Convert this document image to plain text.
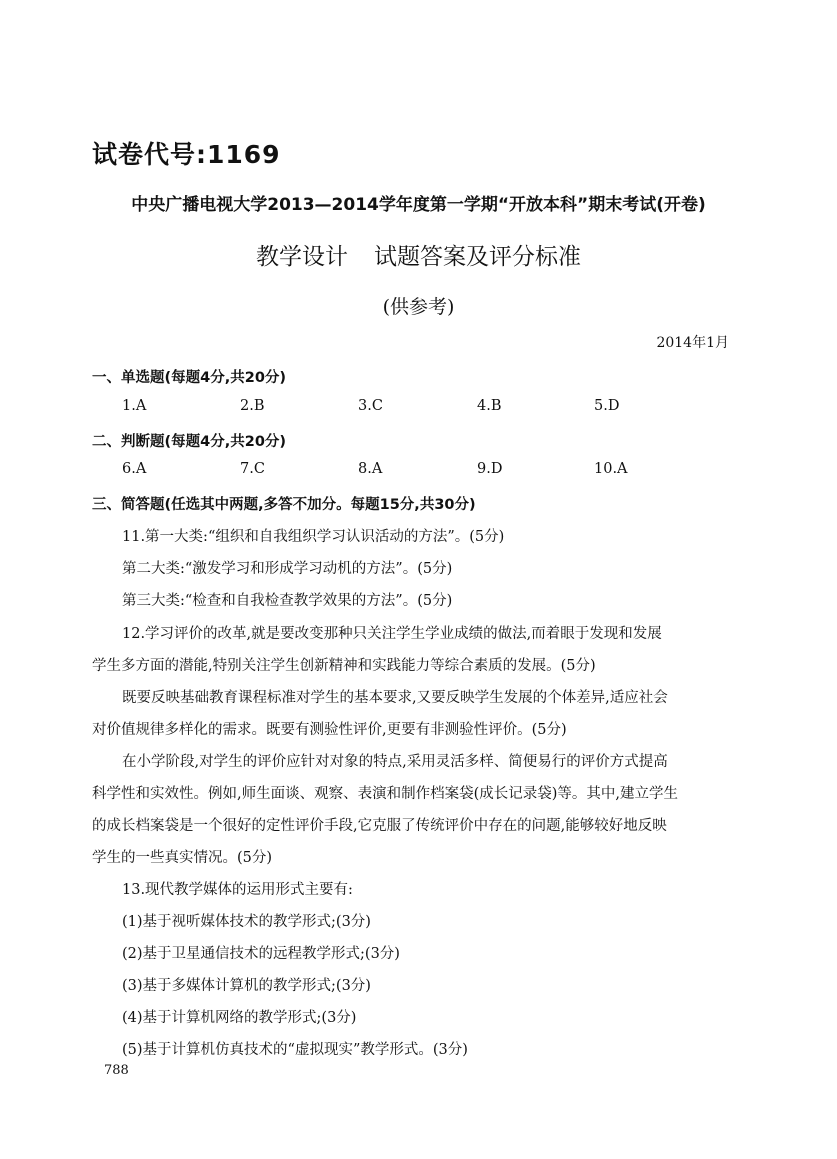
试卷代号:1169
中央广播电视大学2013—2014学年度第一学期“开放本科”期末考试(开卷)
教学设计 试题答案及评分标准
(供参考)
2014年1月
一、单选题(每题4分,共20分)
1.A	2.B	3.C	4.B	5.D
二、判断题(每题4分,共20分)
6.A	7.C	8.A	9.D	10.A
三、简答题(任选其中两题,多答不加分。每题15分,共30分)
11.第一大类:“组织和自我组织学习认识活动的方法”。(5分)
第二大类:“激发学习和形成学习动机的方法”。(5分)
第三大类:“检查和自我检查教学效果的方法”。(5分)
12.学习评价的改革,就是要改变那种只关注学生学业成绩的做法,而着眼于发现和发展
学生多方面的潜能,特别关注学生创新精神和实践能力等综合素质的发展。(5分)
既要反映基础教育课程标准对学生的基本要求,又要反映学生发展的个体差异,适应社会
对价值规律多样化的需求。既要有测验性评价,更要有非测验性评价。(5分)
在小学阶段,对学生的评价应针对对象的特点,采用灵活多样、简便易行的评价方式提高
科学性和实效性。例如,师生面谈、观察、表演和制作档案袋(成长记录袋)等。其中,建立学生
的成长档案袋是一个很好的定性评价手段,它克服了传统评价中存在的问题,能够较好地反映
学生的一些真实情况。(5分)
13.现代教学媒体的运用形式主要有:
(1)基于视听媒体技术的教学形式;(3分)
(2)基于卫星通信技术的远程教学形式;(3分)
(3)基于多媒体计算机的教学形式;(3分)
(4)基于计算机网络的教学形式;(3分)
(5)基于计算机仿真技术的“虚拟现实”教学形式。(3分)
788
